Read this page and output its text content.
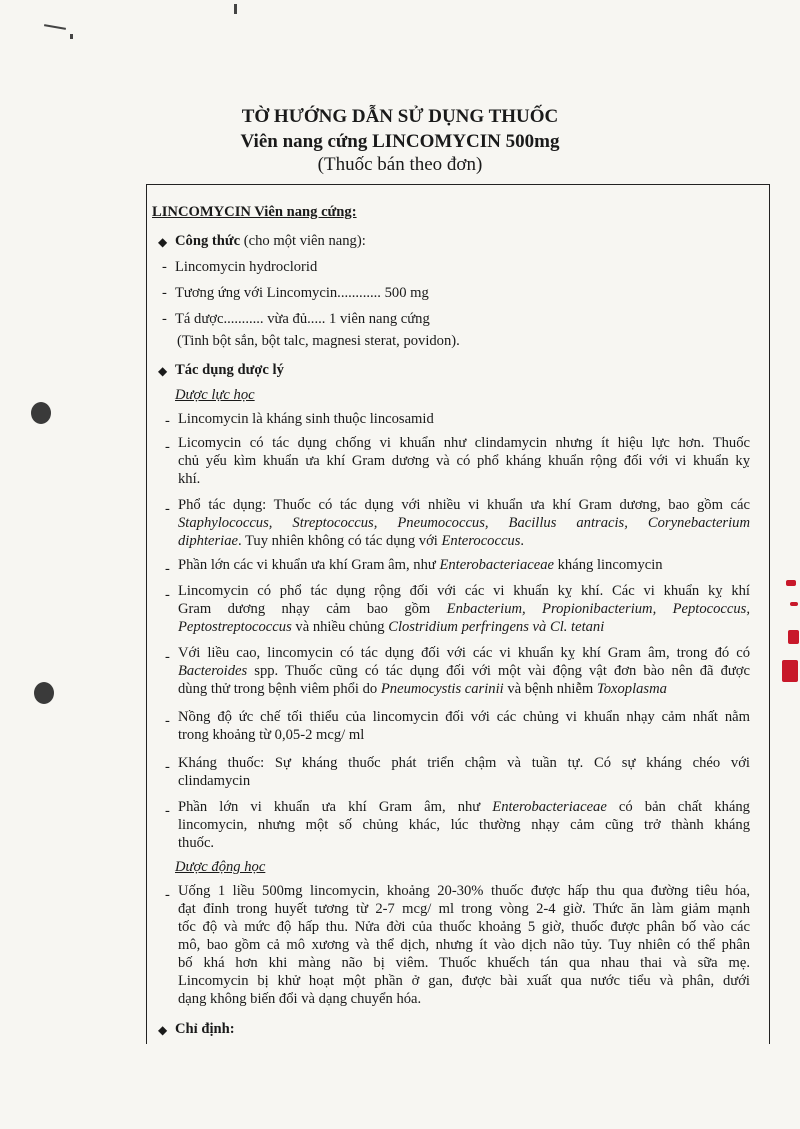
TỜ HƯỚNG DẪN SỬ DỤNG THUỐC
Viên nang cứng LINCOMYCIN 500mg
(Thuốc bán theo đơn)
LINCOMYCIN Viên nang cứng:
◆ Công thức (cho một viên nang):
- Lincomycin hydroclorid
- Tương ứng với Lincomycin............ 500 mg
- Tá dược........... vừa đủ..... 1 viên nang cứng
(Tinh bột sắn, bột talc, magnesi sterat, povidon).
◆ Tác dụng dược lý
Dược lực học
- Lincomycin là kháng sinh thuộc lincosamid
- Licomycin có tác dụng chống vi khuẩn như clindamycin nhưng ít hiệu lực hơn. Thuốc
chủ yếu kìm khuẩn ưa khí Gram dương và có phổ kháng khuẩn rộng đối với vi khuẩn kỵ
khí.
- Phổ tác dụng: Thuốc có tác dụng với nhiều vi khuẩn ưa khí Gram dương, bao gồm các
Staphylococcus, Streptococcus, Pneumococcus, Bacillus antracis, Corynebacterium
diphteriae. Tuy nhiên không có tác dụng với Enterococcus.
- Phần lớn các vi khuẩn ưa khí Gram âm, như Enterobacteriaceae kháng lincomycin
- Lincomycin có phổ tác dụng rộng đối với các vi khuẩn kỵ khí. Các vi khuẩn kỵ khí
Gram dương nhạy cảm bao gồm Enbacterium, Propionibacterium, Peptococcus,
Peptostreptococcus và nhiều chủng Clostridium perfringens và Cl. tetani
- Với liều cao, lincomycin có tác dụng đối với các vi khuẩn kỵ khí Gram âm, trong đó có
Bacteroides spp. Thuốc cũng có tác dụng đối với một vài động vật đơn bào nên đã được
dùng thử trong bệnh viêm phổi do Pneumocystis carinii và bệnh nhiễm Toxoplasma
- Nồng độ ức chế tối thiểu của lincomycin đối với các chủng vi khuẩn nhạy cảm nhất nằm
trong khoảng từ 0,05-2 mcg/ ml
- Kháng thuốc: Sự kháng thuốc phát triển chậm và tuần tự. Có sự kháng chéo với
clindamycin
- Phần lớn vi khuẩn ưa khí Gram âm, như Enterobacteriaceae có bản chất kháng
lincomycin, nhưng một số chủng khác, lúc thường nhạy cảm cũng trở thành kháng
thuốc.
Dược động học
- Uống 1 liều 500mg lincomycin, khoảng 20-30% thuốc được hấp thu qua đường tiêu hóa,
đạt đỉnh trong huyết tương từ 2-7 mcg/ ml trong vòng 2-4 giờ. Thức ăn làm giảm mạnh
tốc độ và mức độ hấp thu. Nửa đời của thuốc khoảng 5 giờ, thuốc được phân bố vào các
mô, bao gồm cả mô xương và thể dịch, nhưng ít vào dịch não tủy. Tuy nhiên có thể phân
bố khá hơn khi màng não bị viêm. Thuốc khuếch tán qua nhau thai và sữa mẹ.
Lincomycin bị khử hoạt một phần ở gan, được bài xuất qua nước tiểu và phân, dưới
dạng không biến đổi và dạng chuyển hóa.
◆ Chỉ định:
